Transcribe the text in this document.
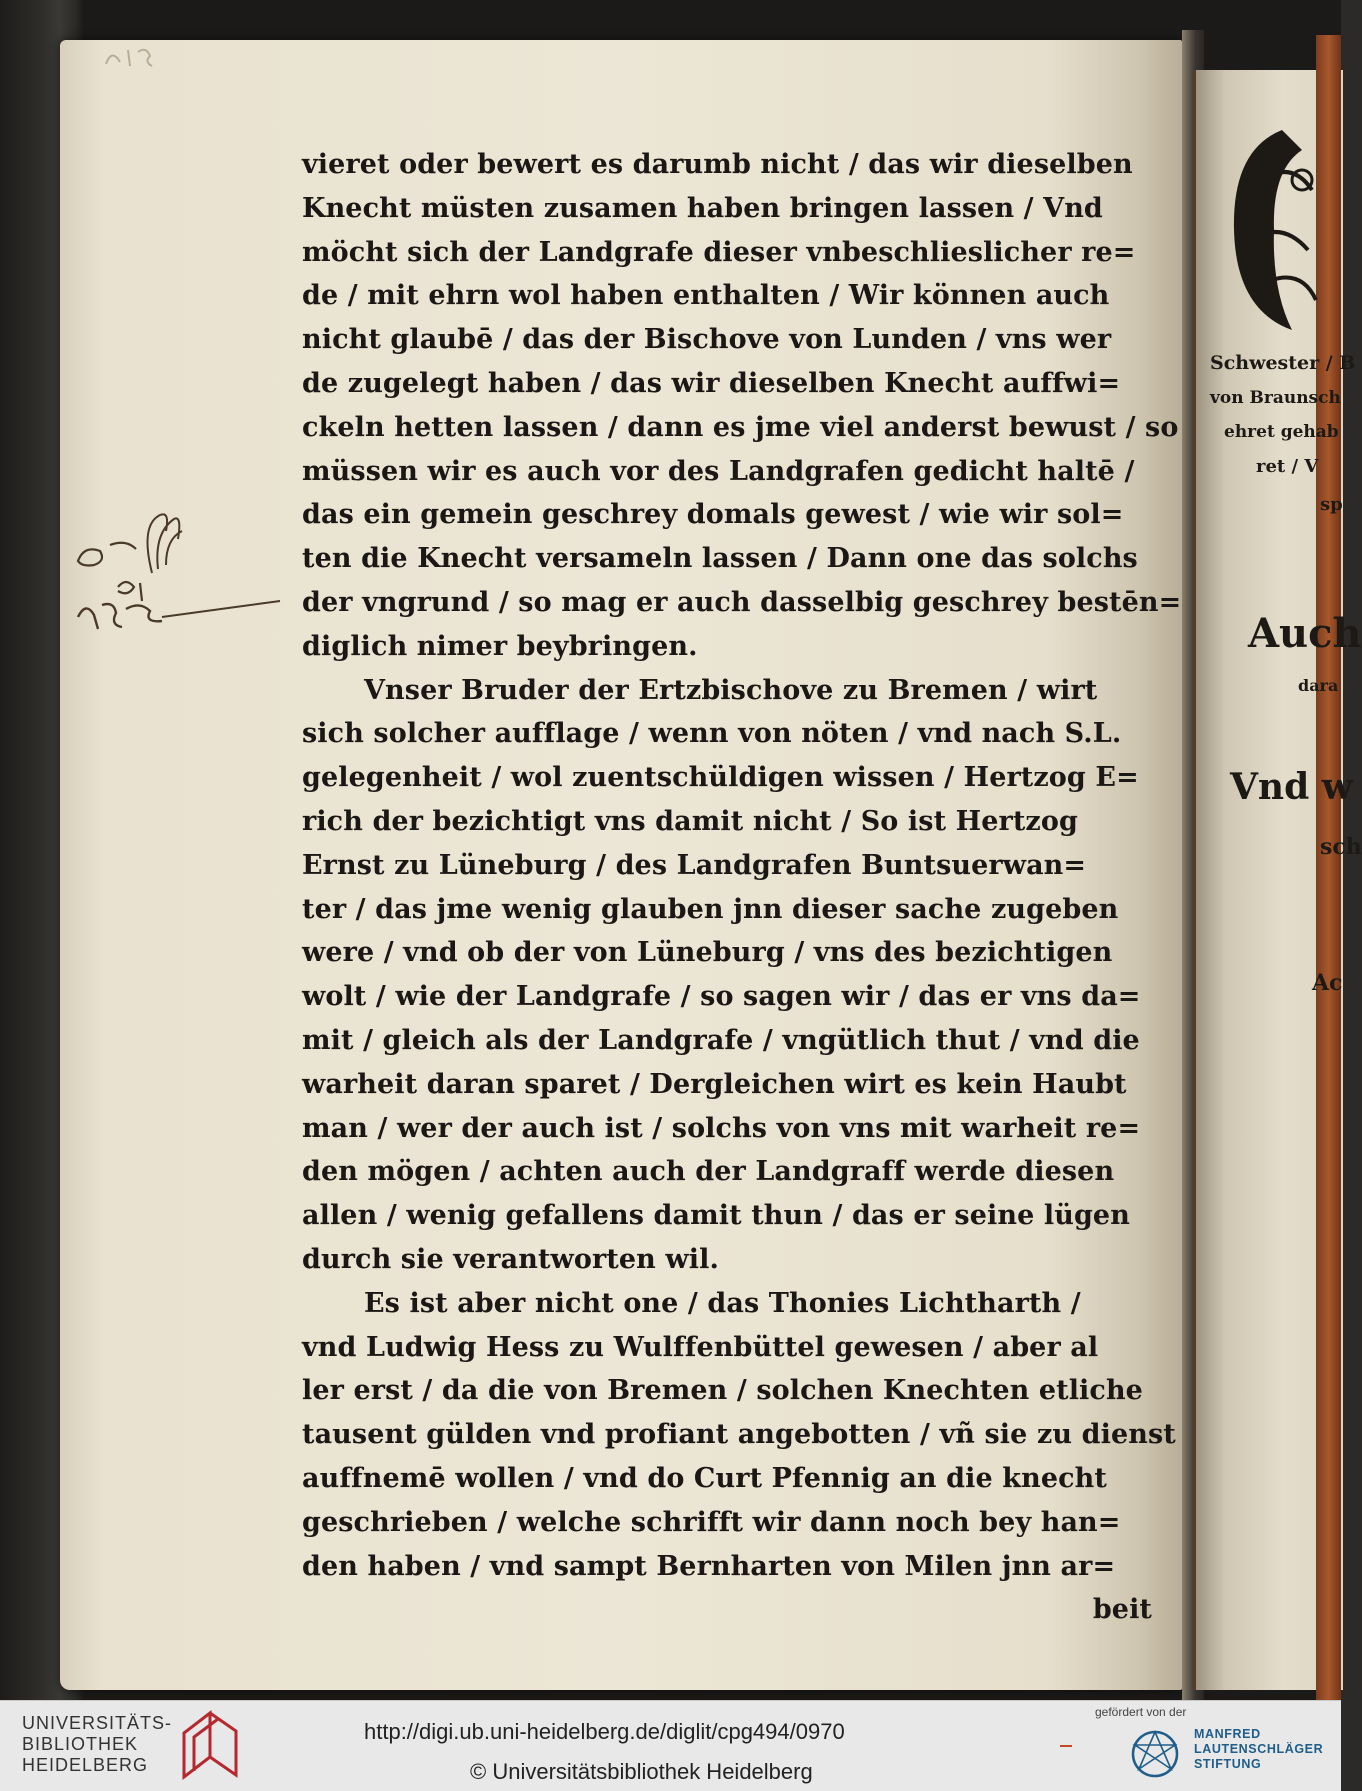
vieret oder bewert es darumb nicht / das wir dieselben
Knecht müsten zusamen haben bringen lassen / Vnd
möcht sich der Landgrafe dieser vnbeschlieslicher re=
de / mit ehrn wol haben enthalten / Wir können auch
nicht glaubē / das der Bischove von Lunden / vns wer
de zugelegt haben / das wir dieselben Knecht auffwi=
ckeln hetten lassen / dann es jme viel anderst bewust / so
müssen wir es auch vor des Landgrafen gedicht haltē /
das ein gemein geschrey domals gewest / wie wir sol=
ten die Knecht versameln lassen / Dann one das solchs
der vngrund / so mag er auch dasselbig geschrey bestēn=
diglich nimer beybringen.
Vnser Bruder der Ertzbischove zu Bremen / wirt
sich solcher aufflage / wenn von nöten / vnd nach S.L.
gelegenheit / wol zuentschüldigen wissen / Hertzog E=
rich der bezichtigt vns damit nicht / So ist Hertzog
Ernst zu Lüneburg / des Landgrafen Buntsuerwan=
ter / das jme wenig glauben jnn dieser sache zugeben
were / vnd ob der von Lüneburg / vns des bezichtigen
wolt / wie der Landgrafe / so sagen wir / das er vns da=
mit / gleich als der Landgrafe / vngütlich thut / vnd die
warheit daran sparet / Dergleichen wirt es kein Haubt
man / wer der auch ist / solchs von vns mit warheit re=
den mögen / achten auch der Landgraff werde diesen
allen / wenig gefallens damit thun / das er seine lügen
durch sie verantworten wil.
Es ist aber nicht one / das Thonies Lichtharth /
vnd Ludwig Hess zu Wulffenbüttel gewesen / aber al
ler erst / da die von Bremen / solchen Knechten etliche
tausent gülden vnd profiant angebotten / vñ sie zu dienst
auffnemē wollen / vnd do Curt Pfennig an die knecht
geschrieben / welche schrifft wir dann noch bey han=
den haben / vnd sampt Bernharten von Milen jnn ar=
beit
Schwester / B
von Braunsch
ehret gehab
ret / V
sp
Auch
dara
Vnd w
sch
Ac
UNIVERSITÄTS-
BIBLIOTHEK
HEIDELBERG
http://digi.ub.uni-heidelberg.de/diglit/cpg494/0970
© Universitätsbibliothek Heidelberg
gefördert von der
MANFRED
LAUTENSCHLÄGER
STIFTUNG
